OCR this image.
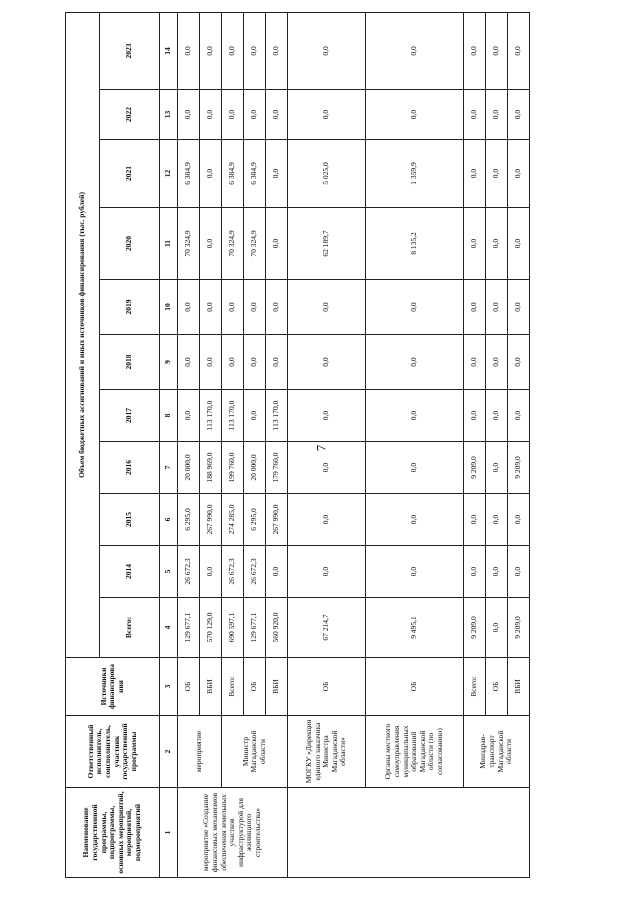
7
Наименование государственной программы, подпрограммы, основных мероприятий, мероприятий, подмероприятий	Ответственный исполнитель, соисполнитель, участник государственной программы	Источники финансирова ния	Объем бюджетных ассигнований и иных источников финансирования (тыс. рублей)										
			Всего:	2014	2015	2016	2017	2018	2019	2020	2021	2022	2023
1	2	3	4	5	6	7	8	9	10	11	12	13	14
мероприятие «Создание финансовых механизмов обеспечения земельных участков инфраструктурой для жилищного строительства»	мероприятие	ОБ	129 677,1	26 672,3	6 295,0	20 000,0	0,0	0,0	0,0	70 324,9	6 384,9	0,0	0,0
		ВБИ	570 129,0	0,0	267 990,0	188 969,0	113 170,0	0,0	0,0	0,0	0,0	0,0	0,0
	Министр Магаданской области	Всего:	690 597,1	26 672,3	274 285,0	199 760,0	113 170,0	0,0	0,0	70 324,9	6 384,9	0,0	0,0
		ОБ	129 677,1	26 672,3	6 295,0	20 000,0	0,0	0,0	0,0	70 324,9	6 384,9	0,0	0,0
		ВБИ	560 920,0	0,0	267 990,0	179 760,0	113 170,0	0,0	0,0	0,0	0,0	0,0	0,0
	МОГКУ «Дирекция единого заказчика Министра Магаданской области»	ОБ	67 214,7	0,0	0,0	0,0	0,0	0,0	0,0	62 189,7	5 025,0	0,0	0,0
	Органы местного самоуправления муниципальных образований Магаданской области (по согласованию)	ОБ	9 495,1	0,0	0,0	0,0	0,0	0,0	0,0	8 135,2	1 359,9	0,0	0,0
	Минздрав- транспорт Магаданской области	Всего:	9 209,0	0,0	0,0	9 209,0	0,0	0,0	0,0	0,0	0,0	0,0	0,0
		ОБ	0,0	0,0	0,0	0,0	0,0	0,0	0,0	0,0	0,0	0,0	0,0
		ВБИ	9 209,0	0,0	0,0	9 209,0	0,0	0,0	0,0	0,0	0,0	0,0	0,0
